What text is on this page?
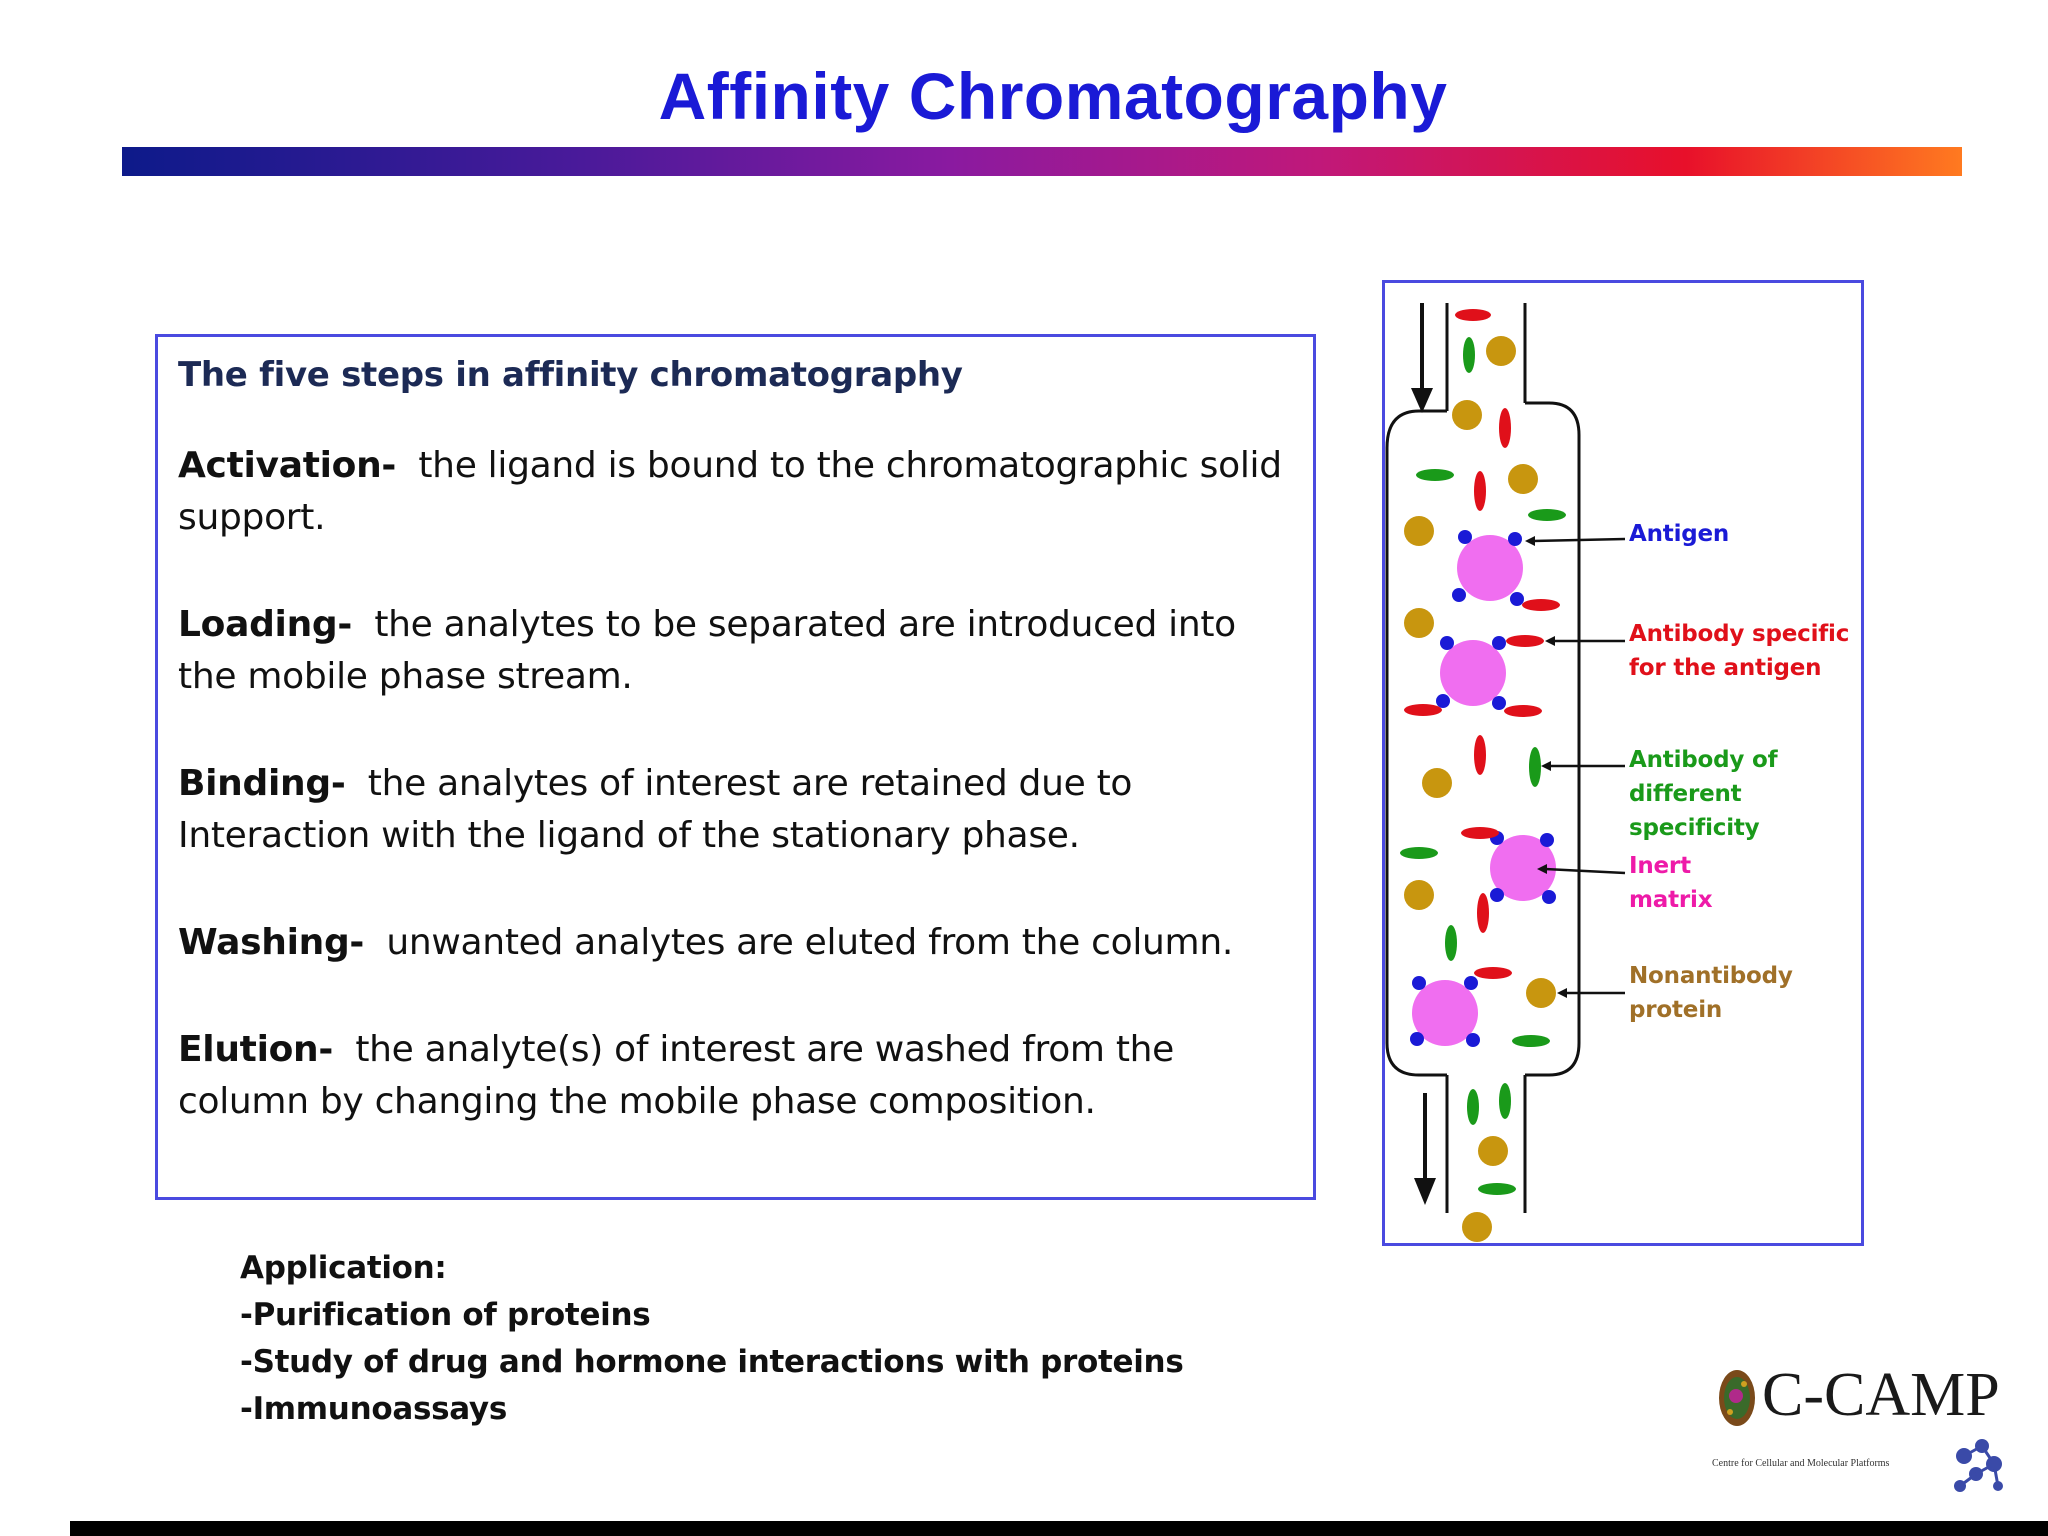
Affinity Chromatography
The five steps in affinity chromatography
Activation- the ligand is bound to the chromatographic solid support.
Loading- the analytes to be separated are introduced into the mobile phase stream.
Binding- the analytes of interest are retained due to Interaction with the ligand of the stationary phase.
Washing- unwanted analytes are eluted from the column.
Elution- the analyte(s) of interest are washed from the column by changing the mobile phase composition.
Application:
-Purification of proteins
-Study of drug and hormone interactions with proteins
-Immunoassays
Antigen
Antibody specific
for the antigen
Antibody of
different
specificity
Inert
matrix
Nonantibody
protein
C-CAMP
Centre for Cellular and Molecular Platforms
